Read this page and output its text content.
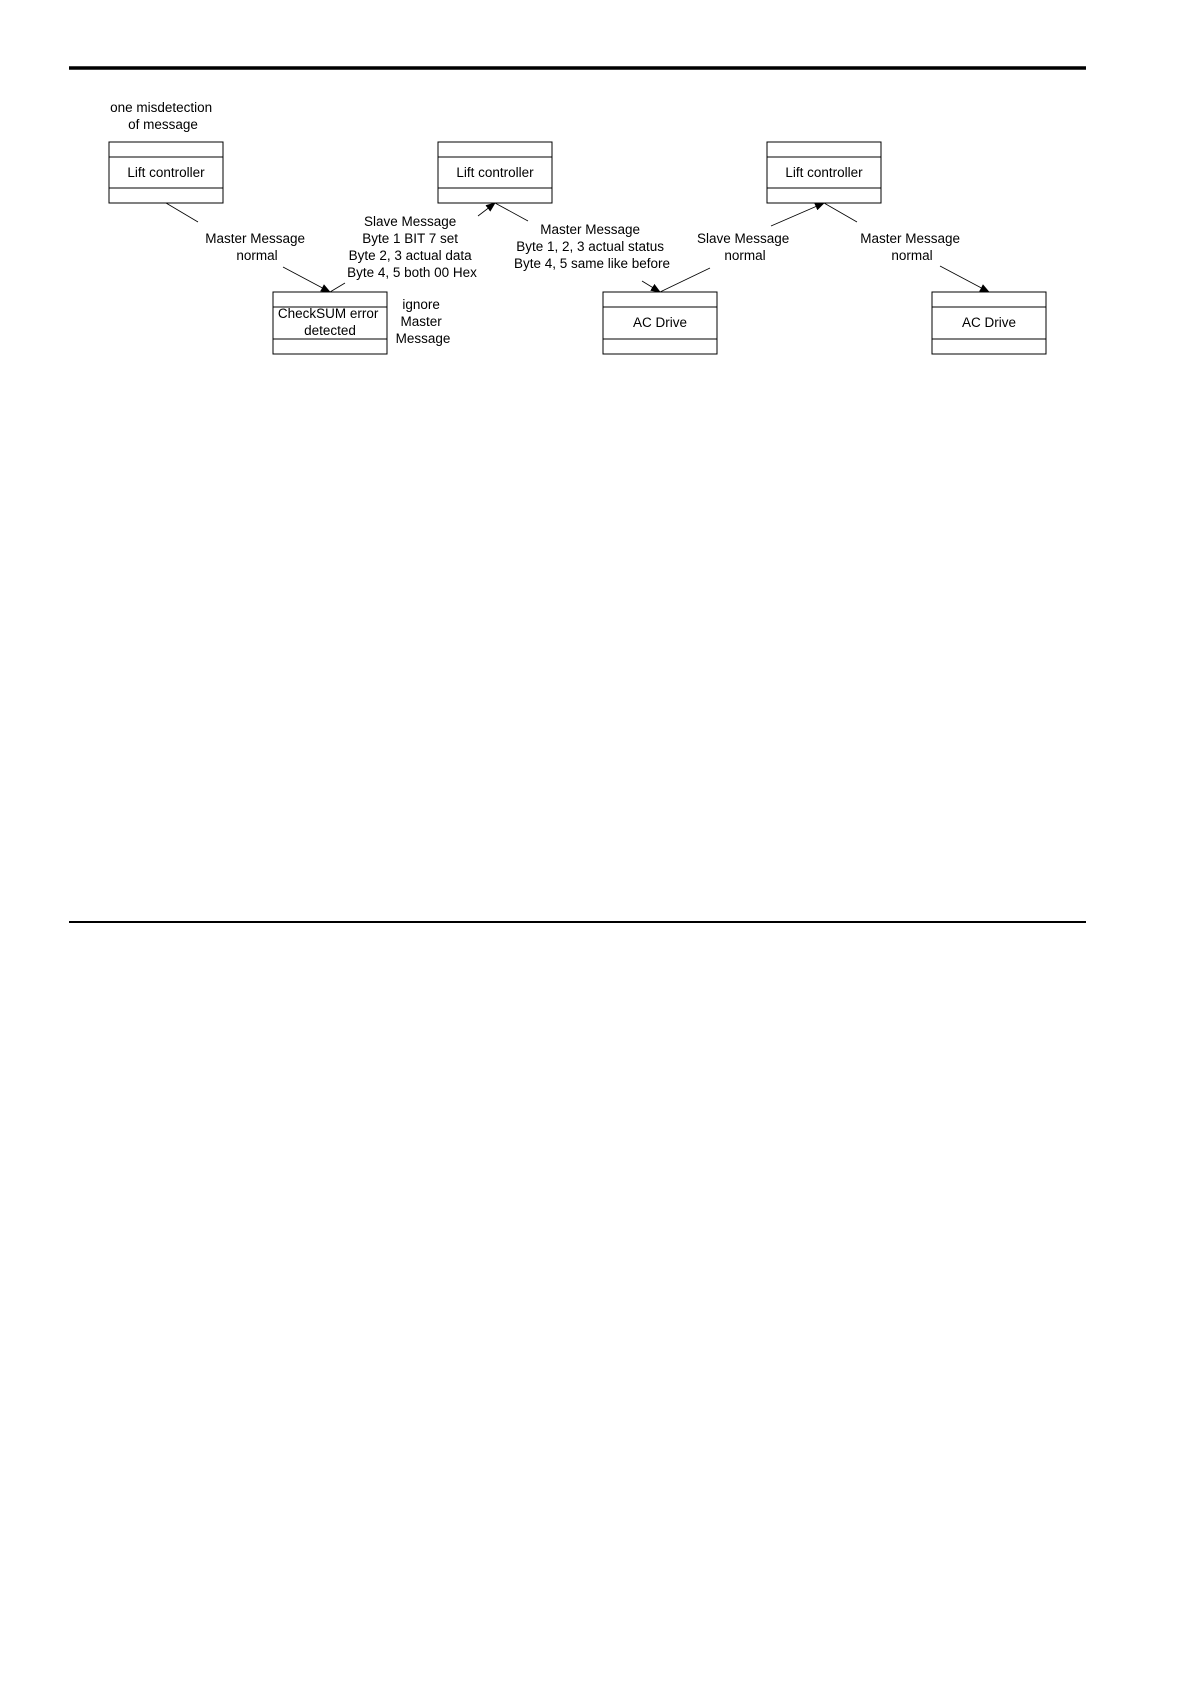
one misdetection of message
Lift controller	Lift controller	Lift controller
CheckSUM error detected
ignore Master Message
AC Drive	AC Drive
Master Message normal
Slave Message Byte 1 BIT 7 set Byte 2, 3 actual data Byte 4, 5 both 00 Hex
Master Message Byte 1, 2, 3 actual status Byte 4, 5 same like before
Slave Message normal
Master Message normal
